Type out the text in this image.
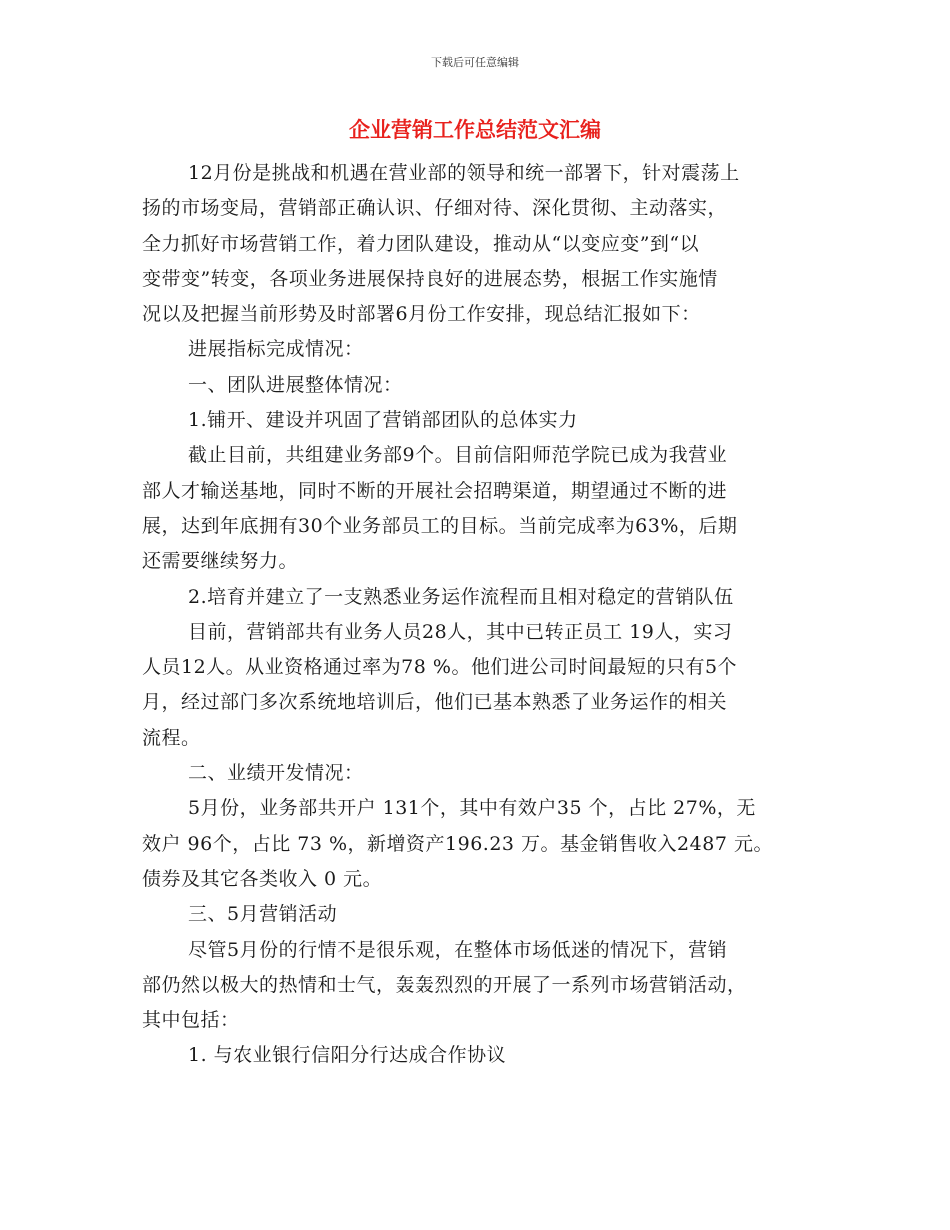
下载后可任意编辑
企业营销工作总结范文汇编
12月份是挑战和机遇在营业部的领导和统一部署下，针对震荡上
扬的市场变局，营销部正确认识、仔细对待、深化贯彻、主动落实，
全力抓好市场营销工作，着力团队建设，推动从“以变应变”到“以
变带变”转变，各项业务进展保持良好的进展态势，根据工作实施情
况以及把握当前形势及时部署6月份工作安排，现总结汇报如下：
进展指标完成情况：
一、团队进展整体情况：
1.铺开、建设并巩固了营销部团队的总体实力
截止目前，共组建业务部9个。目前信阳师范学院已成为我营业
部人才输送基地，同时不断的开展社会招聘渠道，期望通过不断的进
展，达到年底拥有30个业务部员工的目标。当前完成率为63%，后期
还需要继续努力。
2.培育并建立了一支熟悉业务运作流程而且相对稳定的营销队伍
目前，营销部共有业务人员28人，其中已转正员工 19人，实习
人员12人。从业资格通过率为78 %。他们进公司时间最短的只有5个
月，经过部门多次系统地培训后，他们已基本熟悉了业务运作的相关
流程。
二、业绩开发情况：
5月份，业务部共开户 131个，其中有效户35 个，占比 27%，无
效户 96个，占比 73 %，新增资产196.23 万。基金销售收入2487 元。
债券及其它各类收入 0 元。
三、5月营销活动
尽管5月份的行情不是很乐观，在整体市场低迷的情况下，营销
部仍然以极大的热情和士气，轰轰烈烈的开展了一系列市场营销活动，
其中包括：
1. 与农业银行信阳分行达成合作协议
